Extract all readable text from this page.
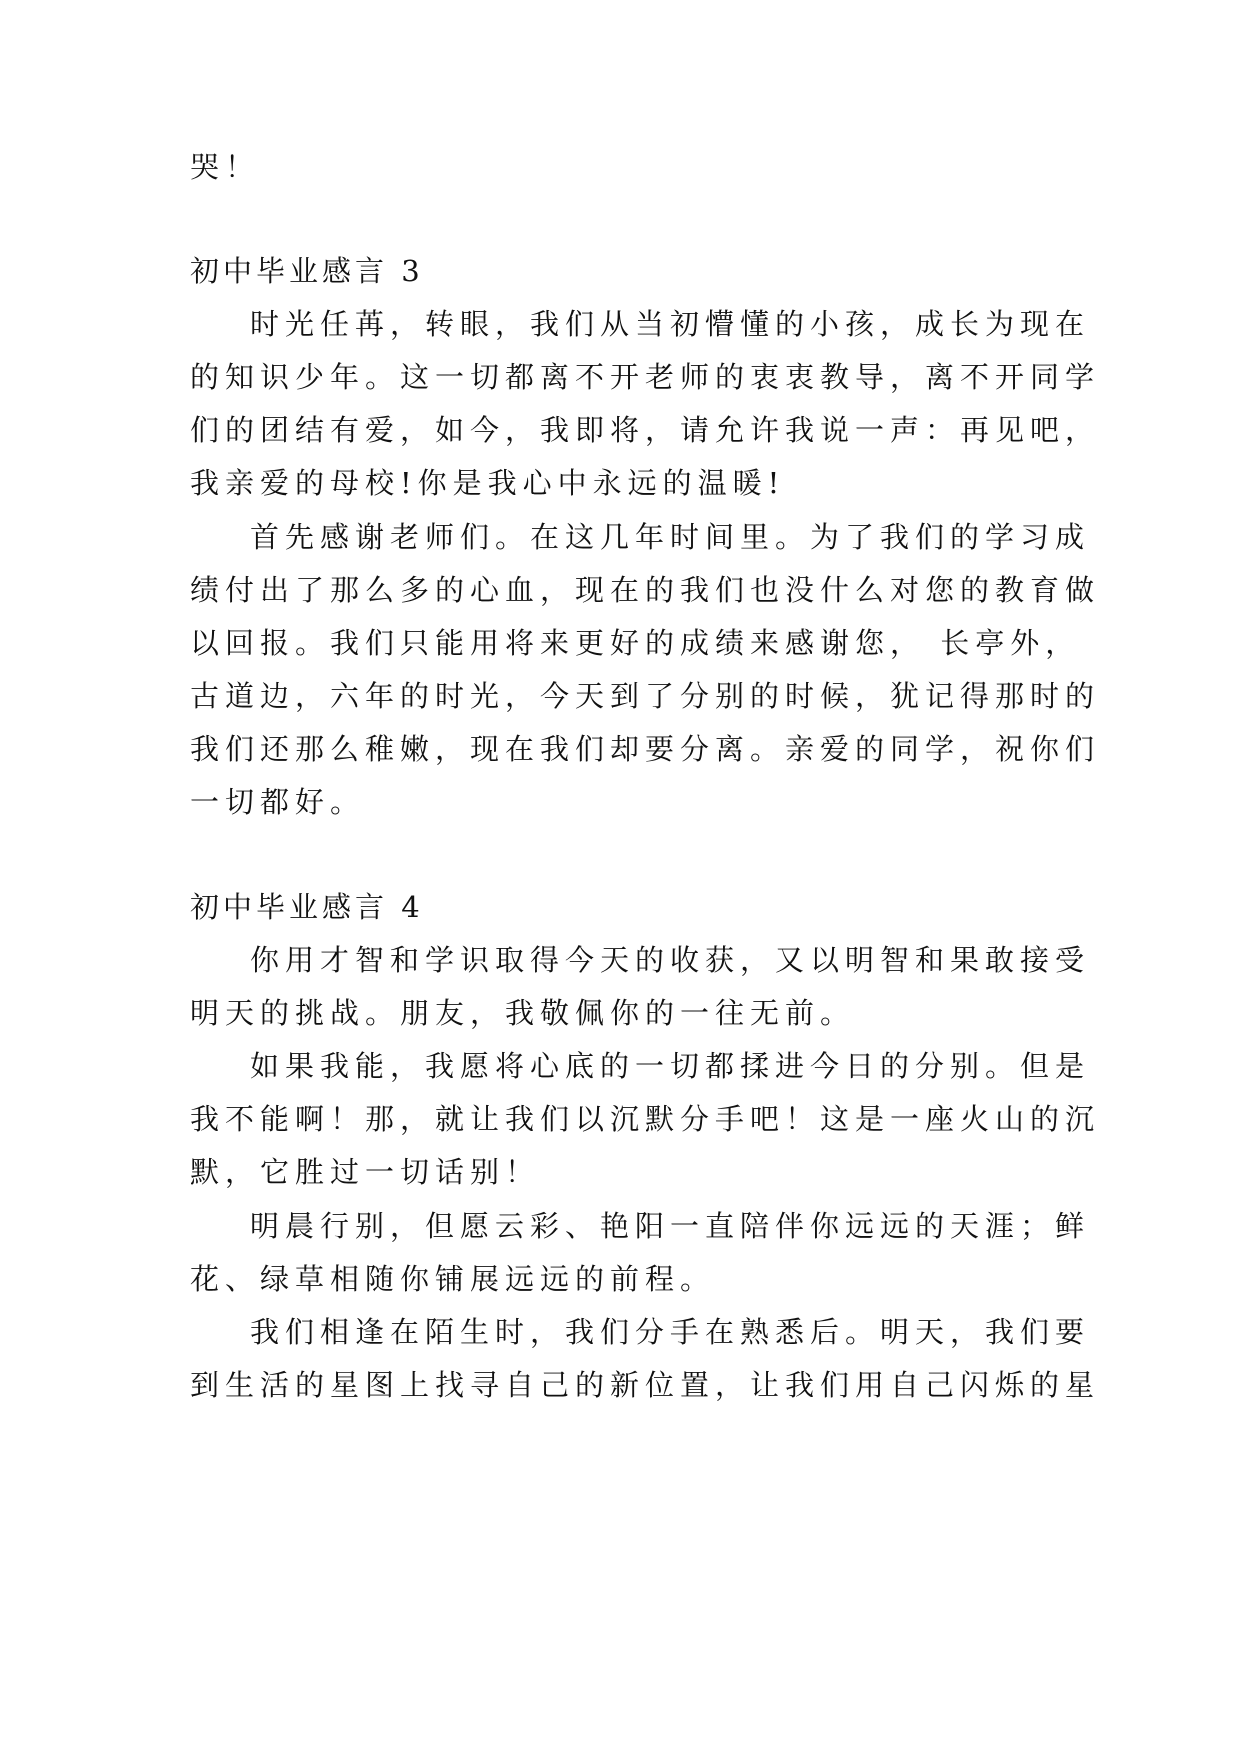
哭！
初中毕业感言 3
时光任苒，转眼，我们从当初懵懂的小孩，成长为现在
的知识少年。这一切都离不开老师的衷衷教导，离不开同学
们的团结有爱，如今，我即将，请允许我说一声：再见吧，
我亲爱的母校!你是我心中永远的温暖!
首先感谢老师们。在这几年时间里。为了我们的学习成
绩付出了那么多的心血，现在的我们也没什么对您的教育做
以回报。我们只能用将来更好的成绩来感谢您， 长亭外，
古道边，六年的时光，今天到了分别的时候，犹记得那时的
我们还那么稚嫩，现在我们却要分离。亲爱的同学，祝你们
一切都好。
初中毕业感言 4
你用才智和学识取得今天的收获，又以明智和果敢接受
明天的挑战。朋友，我敬佩你的一往无前。
如果我能，我愿将心底的一切都揉进今日的分别。但是
我不能啊！那，就让我们以沉默分手吧！这是一座火山的沉
默，它胜过一切话别！
明晨行别，但愿云彩、艳阳一直陪伴你远远的天涯；鲜
花、绿草相随你铺展远远的前程。
我们相逢在陌生时，我们分手在熟悉后。明天，我们要
到生活的星图上找寻自己的新位置，让我们用自己闪烁的星
